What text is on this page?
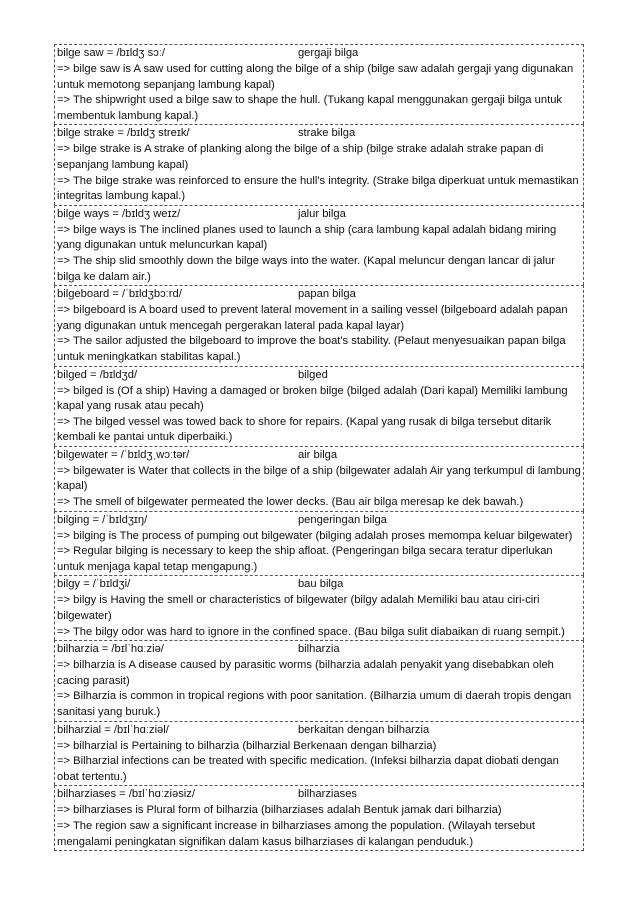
bilge saw = /bɪldʒ sɔː/	gergaji bilga

=> bilge saw is A saw used for cutting along the bilge of a ship (bilge saw adalah gergaji yang digunakan untuk memotong sepanjang lambung kapal)

=> The shipwright used a bilge saw to shape the hull. (Tukang kapal menggunakan gergaji bilga untuk membentuk lambung kapal.)

bilge strake = /bɪldʒ streɪk/	strake bilga

=> bilge strake is A strake of planking along the bilge of a ship (bilge strake adalah strake papan di sepanjang lambung kapal)

=> The bilge strake was reinforced to ensure the hull's integrity. (Strake bilga diperkuat untuk memastikan integritas lambung kapal.)

bilge ways = /bɪldʒ weɪz/	jalur bilga

=> bilge ways is The inclined planes used to launch a ship (cara lambung kapal adalah bidang miring yang digunakan untuk meluncurkan kapal)

=> The ship slid smoothly down the bilge ways into the water. (Kapal meluncur dengan lancar di jalur bilga ke dalam air.)

bilgeboard = /ˈbɪldʒbɔːrd/	papan bilga

=> bilgeboard is A board used to prevent lateral movement in a sailing vessel (bilgeboard adalah papan yang digunakan untuk mencegah pergerakan lateral pada kapal layar)

=> The sailor adjusted the bilgeboard to improve the boat's stability. (Pelaut menyesuaikan papan bilga untuk meningkatkan stabilitas kapal.)

bilged = /bɪldʒd/	bilged

=> bilged is (Of a ship) Having a damaged or broken bilge (bilged adalah (Dari kapal) Memiliki lambung kapal yang rusak atau pecah)

=> The bilged vessel was towed back to shore for repairs. (Kapal yang rusak di bilga tersebut ditarik kembali ke pantai untuk diperbaiki.)

bilgewater = /ˈbɪldʒˌwɔːtər/	air bilga

=> bilgewater is Water that collects in the bilge of a ship (bilgewater adalah Air yang terkumpul di lambung kapal)

=> The smell of bilgewater permeated the lower decks. (Bau air bilga meresap ke dek bawah.)

bilging = /ˈbɪldʒɪŋ/	pengeringan bilga

=> bilging is The process of pumping out bilgewater (bilging adalah proses memompa keluar bilgewater)

=> Regular bilging is necessary to keep the ship afloat. (Pengeringan bilga secara teratur diperlukan untuk menjaga kapal tetap mengapung.)

bilgy = /ˈbɪldʒi/	bau bilga

=> bilgy is Having the smell or characteristics of bilgewater (bilgy adalah Memiliki bau atau ciri-ciri bilgewater)

=> The bilgy odor was hard to ignore in the confined space. (Bau bilga sulit diabaikan di ruang sempit.)

bilharzia = /bɪlˈhɑːziə/	bilharzia

=> bilharzia is A disease caused by parasitic worms (bilharzia adalah penyakit yang disebabkan oleh cacing parasit)

=> Bilharzia is common in tropical regions with poor sanitation. (Bilharzia umum di daerah tropis dengan sanitasi yang buruk.)

bilharzial = /bɪlˈhɑːziəl/	berkaitan dengan bilharzia

=> bilharzial is Pertaining to bilharzia (bilharzial Berkenaan dengan bilharzia)

=> Bilharzial infections can be treated with specific medication. (Infeksi bilharzia dapat diobati dengan obat tertentu.)

bilharziases = /bɪlˈhɑːziəsiz/	bilharziases

=> bilharziases is Plural form of bilharzia (bilharziases adalah Bentuk jamak dari bilharzia)

=> The region saw a significant increase in bilharziases among the population. (Wilayah tersebut mengalami peningkatan signifikan dalam kasus bilharziases di kalangan penduduk.)
